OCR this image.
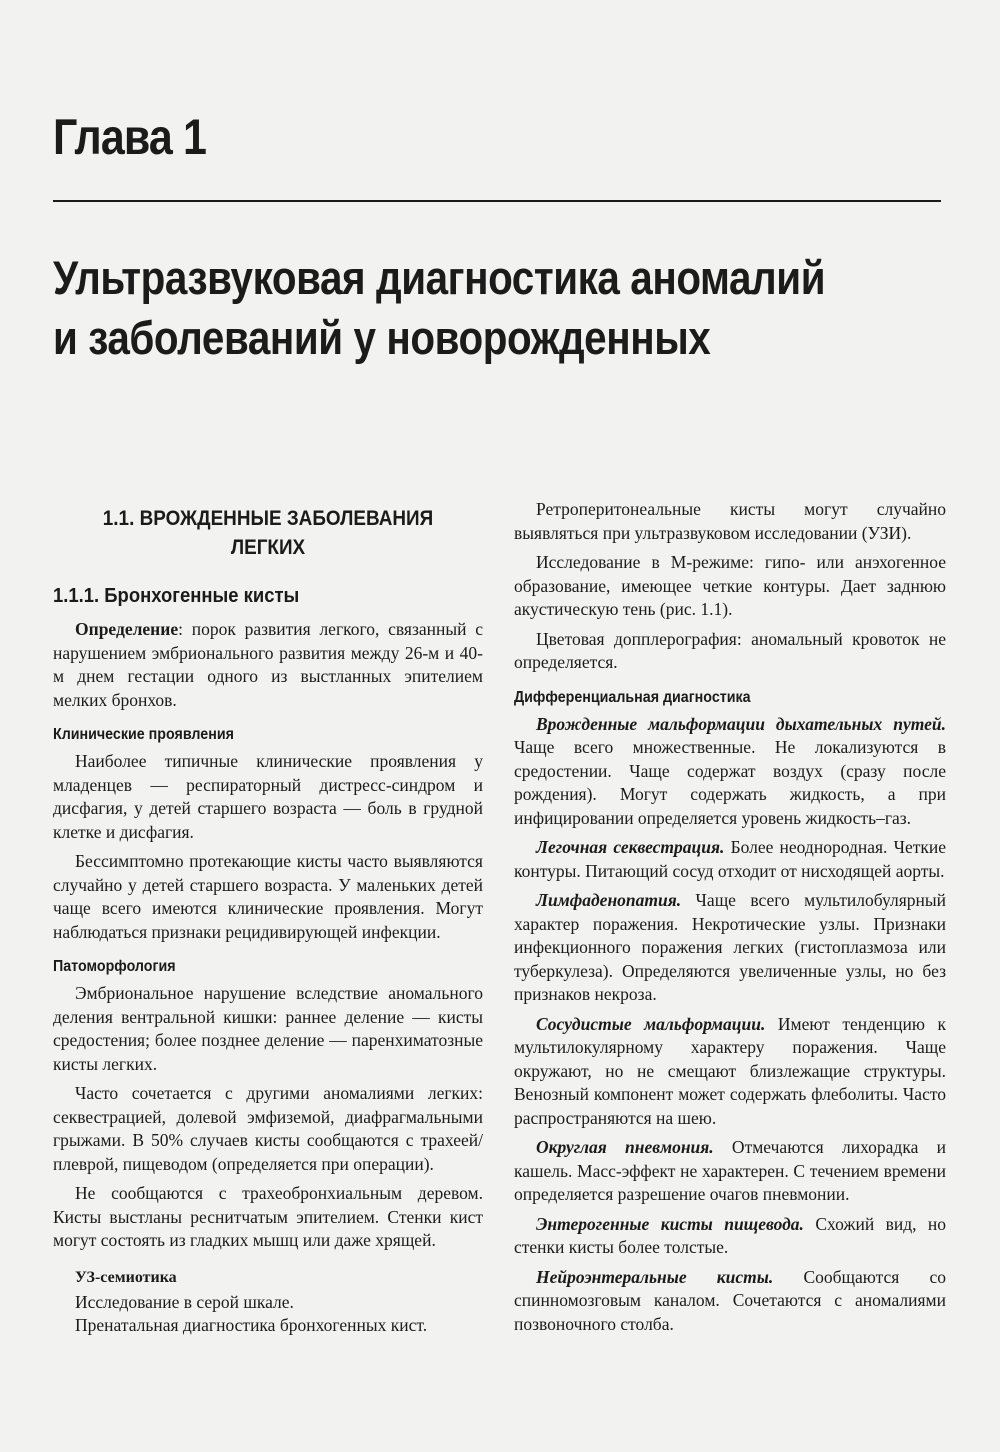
Глава 1
Ультразвуковая диагностика аномалий
и заболеваний у новорожденных
1.1. ВРОЖДЕННЫЕ ЗАБОЛЕВАНИЯ ЛЕГКИХ
1.1.1. Бронхогенные кисты

Определение: порок развития легкого, связанный с нарушением эмбрионального развития между 26-м и 40-м днем гестации одного из выстланных эпителием мелких бронхов.

Клинические проявления

Наиболее типичные клинические проявления у младенцев — респираторный дистресс-синдром и дисфагия, у детей старшего возраста — боль в грудной клетке и дисфагия.

Бессимптомно протекающие кисты часто выявляются случайно у детей старшего возраста. У маленьких детей чаще всего имеются клинические проявления. Могут наблюдаться признаки рецидивирующей инфекции.

Патоморфология

Эмбриональное нарушение вследствие аномального деления вентральной кишки: раннее деление — кисты средостения; более позднее деление — паренхиматозные кисты легких.

Часто сочетается с другими аномалиями легких: секвестрацией, долевой эмфиземой, диафрагмальными грыжами. В 50% случаев кисты сообщаются с трахеей/плеврой, пищеводом (определяется при операции).

Не сообщаются с трахеобронхиальным деревом. Кисты выстланы реснитчатым эпителием. Стенки кист могут состоять из гладких мышц или даже хрящей.

УЗ-семиотика

Исследование в серой шкале.

Пренатальная диагностика бронхогенных кист.

Ретроперитонеальные кисты могут случайно выявляться при ультразвуковом исследовании (УЗИ).

Исследование в М-режиме: гипо- или анэхогенное образование, имеющее четкие контуры. Дает заднюю акустическую тень (рис. 1.1).

Цветовая допплерография: аномальный кровоток не определяется.

Дифференциальная диагностика

Врожденные мальформации дыхательных путей. Чаще всего множественные. Не локализуются в средостении. Чаще содержат воздух (сразу после рождения). Могут содержать жидкость, а при инфицировании определяется уровень жидкость–газ.

Легочная секвестрация. Более неоднородная. Четкие контуры. Питающий сосуд отходит от нисходящей аорты.

Лимфаденопатия. Чаще всего мультилобулярный характер поражения. Некротические узлы. Признаки инфекционного поражения легких (гистоплазмоза или туберкулеза). Определяются увеличенные узлы, но без признаков некроза.

Сосудистые мальформации. Имеют тенденцию к мультилокулярному характеру поражения. Чаще окружают, но не смещают близлежащие структуры. Венозный компонент может содержать флеболиты. Часто распространяются на шею.

Округлая пневмония. Отмечаются лихорадка и кашель. Масс-эффект не характерен. С течением времени определяется разрешение очагов пневмонии.

Энтерогенные кисты пищевода. Схожий вид, но стенки кисты более толстые.

Нейроэнтеральные кисты. Сообщаются со спинномозговым каналом. Сочетаются с аномалиями позвоночного столба.
